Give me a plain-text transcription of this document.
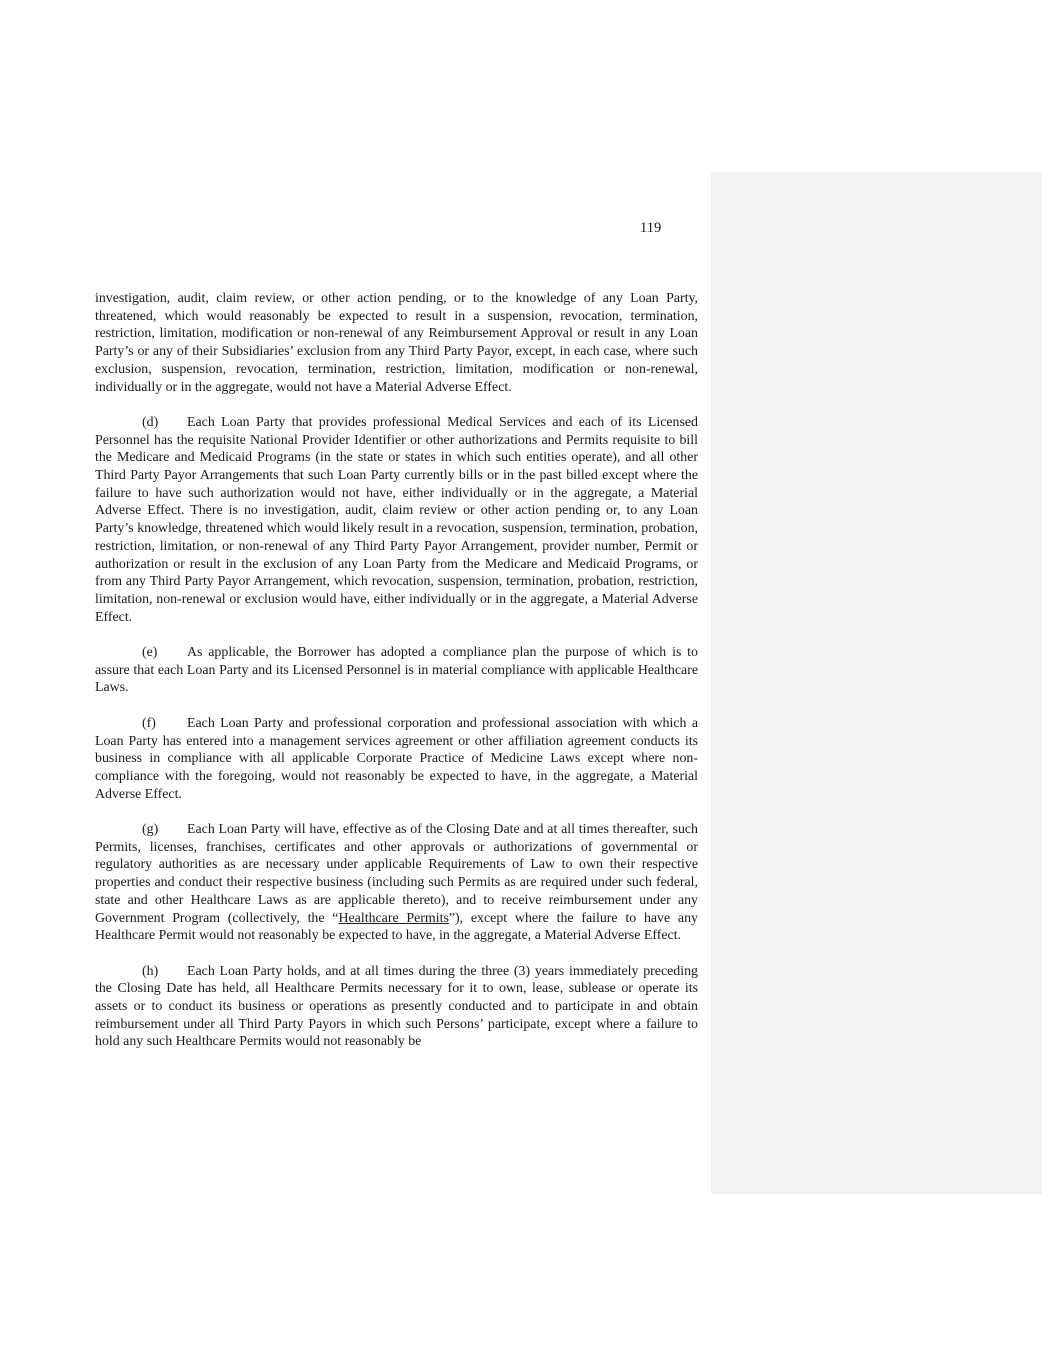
119

investigation, audit, claim review, or other action pending, or to the knowledge of any Loan Party, threatened, which would reasonably be expected to result in a suspension, revocation, termination, restriction, limitation, modification or non-renewal of any Reimbursement Approval or result in any Loan Party’s or any of their Subsidiaries’ exclusion from any Third Party Payor, except, in each case, where such exclusion, suspension, revocation, termination, restriction, limitation, modification or non-renewal, individually or in the aggregate, would not have a Material Adverse Effect.

(d) Each Loan Party that provides professional Medical Services and each of its Licensed Personnel has the requisite National Provider Identifier or other authorizations and Permits requisite to bill the Medicare and Medicaid Programs (in the state or states in which such entities operate), and all other Third Party Payor Arrangements that such Loan Party currently bills or in the past billed except where the failure to have such authorization would not have, either individually or in the aggregate, a Material Adverse Effect. There is no investigation, audit, claim review or other action pending or, to any Loan Party’s knowledge, threatened which would likely result in a revocation, suspension, termination, probation, restriction, limitation, or non-renewal of any Third Party Payor Arrangement, provider number, Permit or authorization or result in the exclusion of any Loan Party from the Medicare and Medicaid Programs, or from any Third Party Payor Arrangement, which revocation, suspension, termination, probation, restriction, limitation, non-renewal or exclusion would have, either individually or in the aggregate, a Material Adverse Effect.

(e) As applicable, the Borrower has adopted a compliance plan the purpose of which is to assure that each Loan Party and its Licensed Personnel is in material compliance with applicable Healthcare Laws.

(f) Each Loan Party and professional corporation and professional association with which a Loan Party has entered into a management services agreement or other affiliation agreement conducts its business in compliance with all applicable Corporate Practice of Medicine Laws except where non-compliance with the foregoing, would not reasonably be expected to have, in the aggregate, a Material Adverse Effect.

(g) Each Loan Party will have, effective as of the Closing Date and at all times thereafter, such Permits, licenses, franchises, certificates and other approvals or authorizations of governmental or regulatory authorities as are necessary under applicable Requirements of Law to own their respective properties and conduct their respective business (including such Permits as are required under such federal, state and other Healthcare Laws as are applicable thereto), and to receive reimbursement under any Government Program (collectively, the “Healthcare Permits”), except where the failure to have any Healthcare Permit would not reasonably be expected to have, in the aggregate, a Material Adverse Effect.

(h) Each Loan Party holds, and at all times during the three (3) years immediately preceding the Closing Date has held, all Healthcare Permits necessary for it to own, lease, sublease or operate its assets or to conduct its business or operations as presently conducted and to participate in and obtain reimbursement under all Third Party Payors in which such Persons’ participate, except where a failure to hold any such Healthcare Permits would not reasonably be
